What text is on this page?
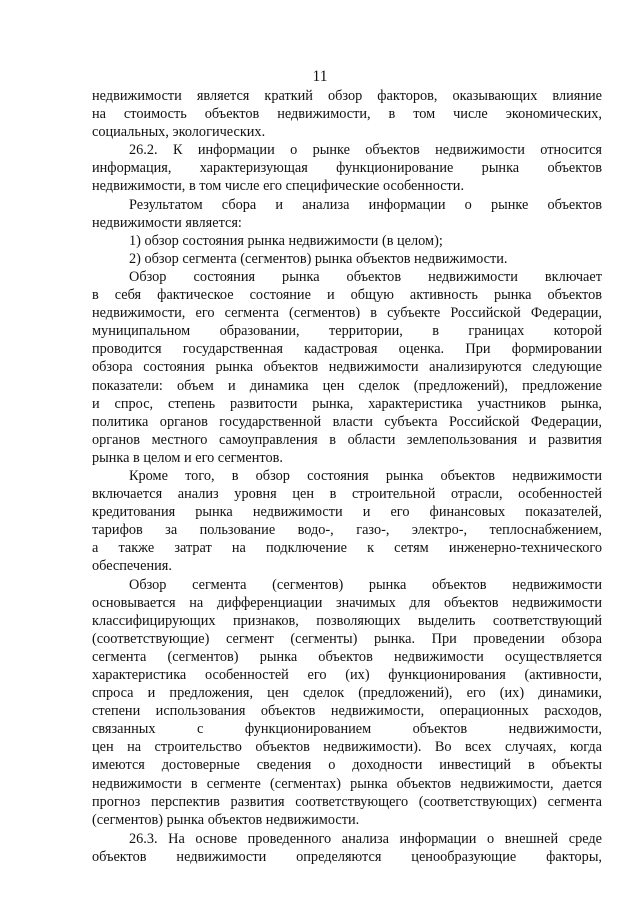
11
недвижимости является краткий обзор факторов, оказывающих влияние
на стоимость объектов недвижимости, в том числе экономических,
социальных, экологических.
26.2. К информации о рынке объектов недвижимости относится
информация, характеризующая функционирование рынка объектов
недвижимости, в том числе его специфические особенности.
Результатом сбора и анализа информации о рынке объектов
недвижимости является:
1) обзор состояния рынка недвижимости (в целом);
2) обзор сегмента (сегментов) рынка объектов недвижимости.
Обзор состояния рынка объектов недвижимости включает
в себя фактическое состояние и общую активность рынка объектов
недвижимости, его сегмента (сегментов) в субъекте Российской Федерации,
муниципальном образовании, территории, в границах которой
проводится государственная кадастровая оценка. При формировании
обзора состояния рынка объектов недвижимости анализируются следующие
показатели: объем и динамика цен сделок (предложений), предложение
и спрос, степень развитости рынка, характеристика участников рынка,
политика органов государственной власти субъекта Российской Федерации,
органов местного самоуправления в области землепользования и развития
рынка в целом и его сегментов.
Кроме того, в обзор состояния рынка объектов недвижимости
включается анализ уровня цен в строительной отрасли, особенностей
кредитования рынка недвижимости и его финансовых показателей,
тарифов за пользование водо-, газо-, электро-, теплоснабжением,
а также затрат на подключение к сетям инженерно-технического
обеспечения.
Обзор сегмента (сегментов) рынка объектов недвижимости
основывается на дифференциации значимых для объектов недвижимости
классифицирующих признаков, позволяющих выделить соответствующий
(соответствующие) сегмент (сегменты) рынка. При проведении обзора
сегмента (сегментов) рынка объектов недвижимости осуществляется
характеристика особенностей его (их) функционирования (активности,
спроса и предложения, цен сделок (предложений), его (их) динамики,
степени использования объектов недвижимости, операционных расходов,
связанных с функционированием объектов недвижимости,
цен на строительство объектов недвижимости). Во всех случаях, когда
имеются достоверные сведения о доходности инвестиций в объекты
недвижимости в сегменте (сегментах) рынка объектов недвижимости, дается
прогноз перспектив развития соответствующего (соответствующих) сегмента
(сегментов) рынка объектов недвижимости.
26.3. На основе проведенного анализа информации о внешней среде
объектов недвижимости определяются ценообразующие факторы,
